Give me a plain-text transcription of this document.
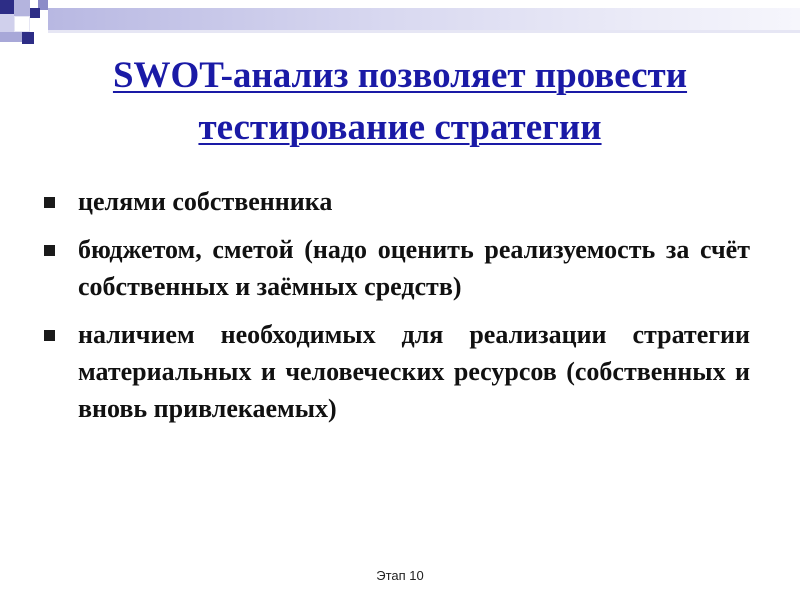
SWOT-анализ позволяет провести тестирование стратегии
целями собственника
бюджетом, сметой (надо оценить реализуемость за счёт собственных и заёмных средств)
наличием необходимых для реализации стратегии материальных и человеческих ресурсов (собственных и вновь привлекаемых)
Этап 10
